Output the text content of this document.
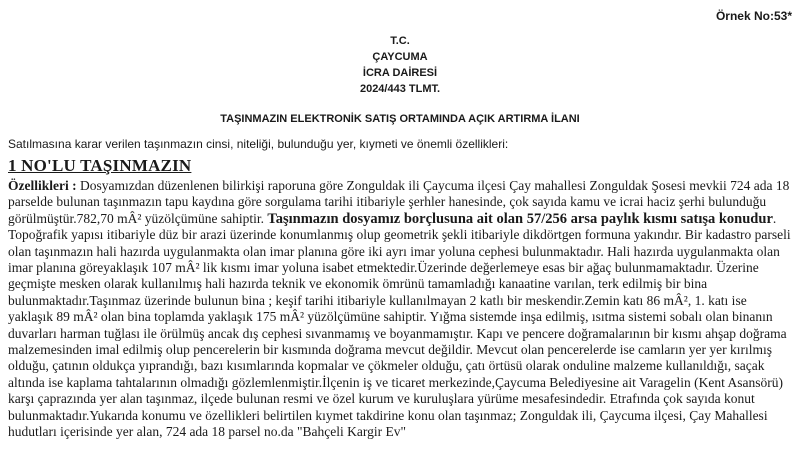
Örnek No:53*
T.C.
ÇAYCUMA
İCRA DAİRESİ
2024/443 TLMT.
TAŞINMAZIN ELEKTRONİK SATIŞ ORTAMINDA AÇIK ARTIRMA İLANI
Satılmasına karar verilen taşınmazın cinsi, niteliği, bulunduğu yer, kıymeti ve önemli özellikleri:
1 NO'LU TAŞINMAZIN
Özellikleri : Dosyamızdan düzenlenen bilirkişi raporuna göre Zonguldak ili Çaycuma ilçesi Çay mahallesi Zonguldak Şosesi mevkii 724 ada 18 parselde bulunan taşınmazın tapu kaydına göre sorgulama tarihi itibariyle şerhler hanesinde, çok sayıda kamu ve icrai haciz şerhi bulunduğu görülmüştür.782,70 mÂ² yüzölçümüne sahiptir. Taşınmazın dosyamız borçlusuna ait olan 57/256 arsa paylık kısmı satışa konudur. Topoğrafik yapısı itibariyle düz bir arazi üzerinde konumlanmış olup geometrik şekli itibariyle dikdörtgen formuna yakındır. Bir kadastro parseli olan taşınmazın hali hazırda uygulanmakta olan imar planına göre iki ayrı imar yoluna cephesi bulunmaktadır. Hali hazırda uygulanmakta olan imar planına göreyaklaşık 107 mÂ² lik kısmı imar yoluna isabet etmektedir.Üzerinde değerlemeye esas bir ağaç bulunmamaktadır. Üzerine geçmişte mesken olarak kullanılmış hali hazırda teknik ve ekonomik ömrünü tamamladığı kanaatine varılan, terk edilmiş bir bina bulunmaktadır.Taşınmaz üzerinde bulunun bina ; keşif tarihi itibariyle kullanılmayan 2 katlı bir meskendir.Zemin katı 86 mÂ², 1. katı ise yaklaşık 89 mÂ² olan bina toplamda yaklaşık 175 mÂ² yüzölçümüne sahiptir. Yığma sistemde inşa edilmiş, ısıtma sistemi sobalı olan binanın duvarları harman tuğlası ile örülmüş ancak dış cephesi sıvanmamış ve boyanmamıştır. Kapı ve pencere doğramalarının bir kısmı ahşap doğrama malzemesinden imal edilmiş olup pencerelerin bir kısmında doğrama mevcut değildir. Mevcut olan pencerelerde ise camların yer yer kırılmış olduğu, çatının oldukça yıprandığı, bazı kısımlarında kopmalar ve çökmeler olduğu, çatı örtüsü olarak onduline malzeme kullanıldığı, saçak altında ise kaplama tahtalarının olmadığı gözlemlenmiştir.İlçenin iş ve ticaret merkezinde,Çaycuma Belediyesine ait Varagelin (Kent Asansörü) karşı çaprazında yer alan taşınmaz, ilçede bulunan resmi ve özel kurum ve kuruluşlara yürüme mesafesindedir. Etrafında çok sayıda konut bulunmaktadır.Yukarıda konumu ve özellikleri belirtilen kıymet takdirine konu olan taşınmaz; Zonguldak ili, Çaycuma ilçesi, Çay Mahallesi hudutları içerisinde yer alan, 724 ada 18 parsel no.da "Bahçeli Kargir Ev"
